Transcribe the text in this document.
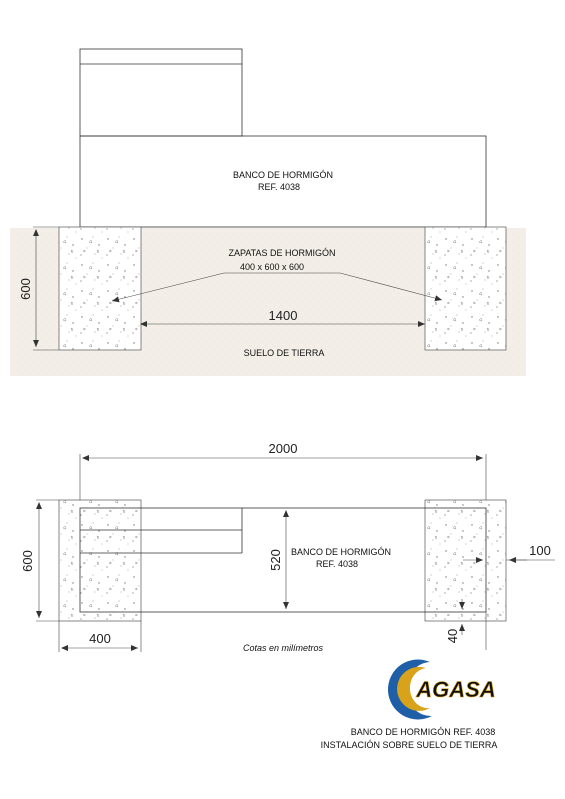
BANCO DE HORMIGÓN
REF. 4038
ZAPATAS DE HORMIGÓN
400 x 600 x 600
600
1400
SUELO DE TIERRA
2000
BANCO DE HORMIGÓN
REF. 4038
600	520	100
400	40
Cotas en milímetros
AGASA
BANCO DE HORMIGÓN REF. 4038
INSTALACIÓN SOBRE SUELO DE TIERRA
